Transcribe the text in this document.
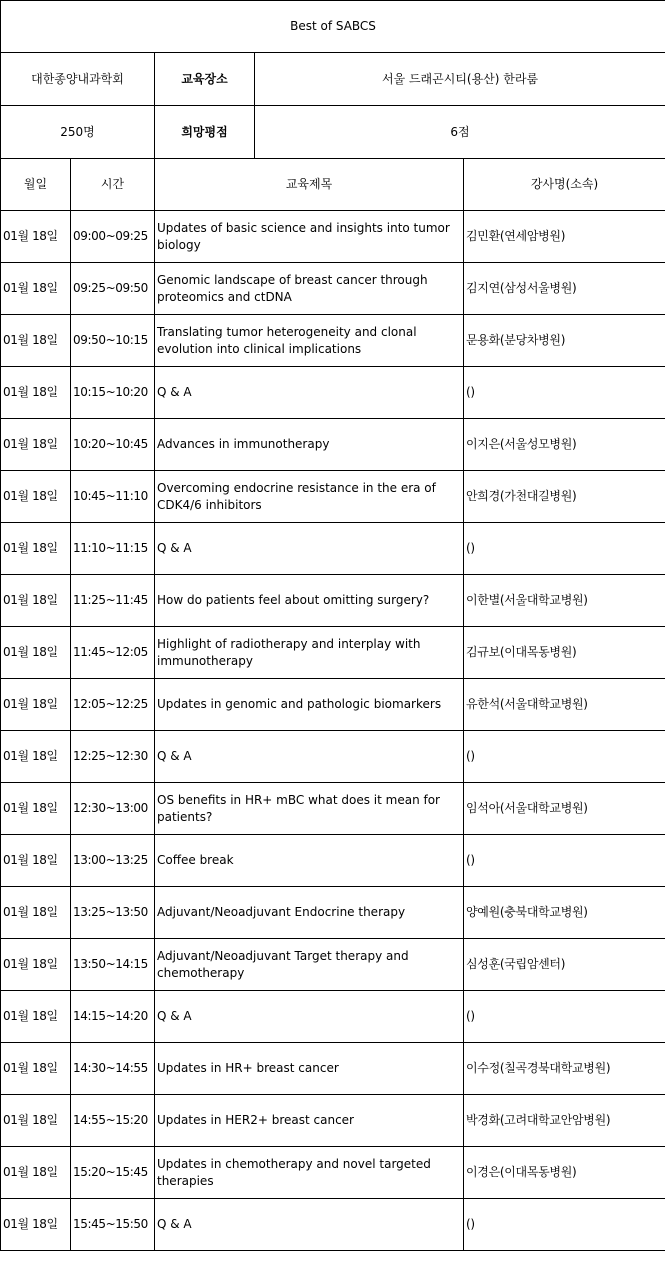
Best of SABCS
대한종양내과학회		교육장소	서울 드래곤시티(용산) 한라룸

250명		희망평점	6점

월일	시간	교육제목	강사명(소속)
01월 18일	09:00~09:25	Updates of basic science and insights into tumor biology	김민환(연세암병원)
01월 18일	09:25~09:50	Genomic landscape of breast cancer through proteomics and ctDNA	김지연(삼성서울병원)
01월 18일	09:50~10:15	Translating tumor heterogeneity and clonal evolution into clinical implications	문용화(분당차병원)
01월 18일	10:15~10:20	Q & A	()
01월 18일	10:20~10:45	Advances in immunotherapy	이지은(서울성모병원)
01월 18일	10:45~11:10	Overcoming endocrine resistance in the era of CDK4/6 inhibitors	안희경(가천대길병원)
01월 18일	11:10~11:15	Q & A	()
01월 18일	11:25~11:45	How do patients feel about omitting surgery?	이한별(서울대학교병원)
01월 18일	11:45~12:05	Highlight of radiotherapy and interplay with immunotherapy	김규보(이대목동병원)
01월 18일	12:05~12:25	Updates in genomic and pathologic biomarkers	유한석(서울대학교병원)
01월 18일	12:25~12:30	Q & A	()
01월 18일	12:30~13:00	OS benefits in HR+ mBC what does it mean for patients?	임석아(서울대학교병원)
01월 18일	13:00~13:25	Coffee break	()
01월 18일	13:25~13:50	Adjuvant/Neoadjuvant Endocrine therapy	양예원(충북대학교병원)
01월 18일	13:50~14:15	Adjuvant/Neoadjuvant Target therapy and chemotherapy	심성훈(국립암센터)
01월 18일	14:15~14:20	Q & A	()
01월 18일	14:30~14:55	Updates in HR+ breast cancer	이수정(칠곡경북대학교병원)
01월 18일	14:55~15:20	Updates in HER2+ breast cancer	박경화(고려대학교안암병원)
01월 18일	15:20~15:45	Updates in chemotherapy and novel targeted therapies	이경은(이대목동병원)
01월 18일	15:45~15:50	Q & A	()
